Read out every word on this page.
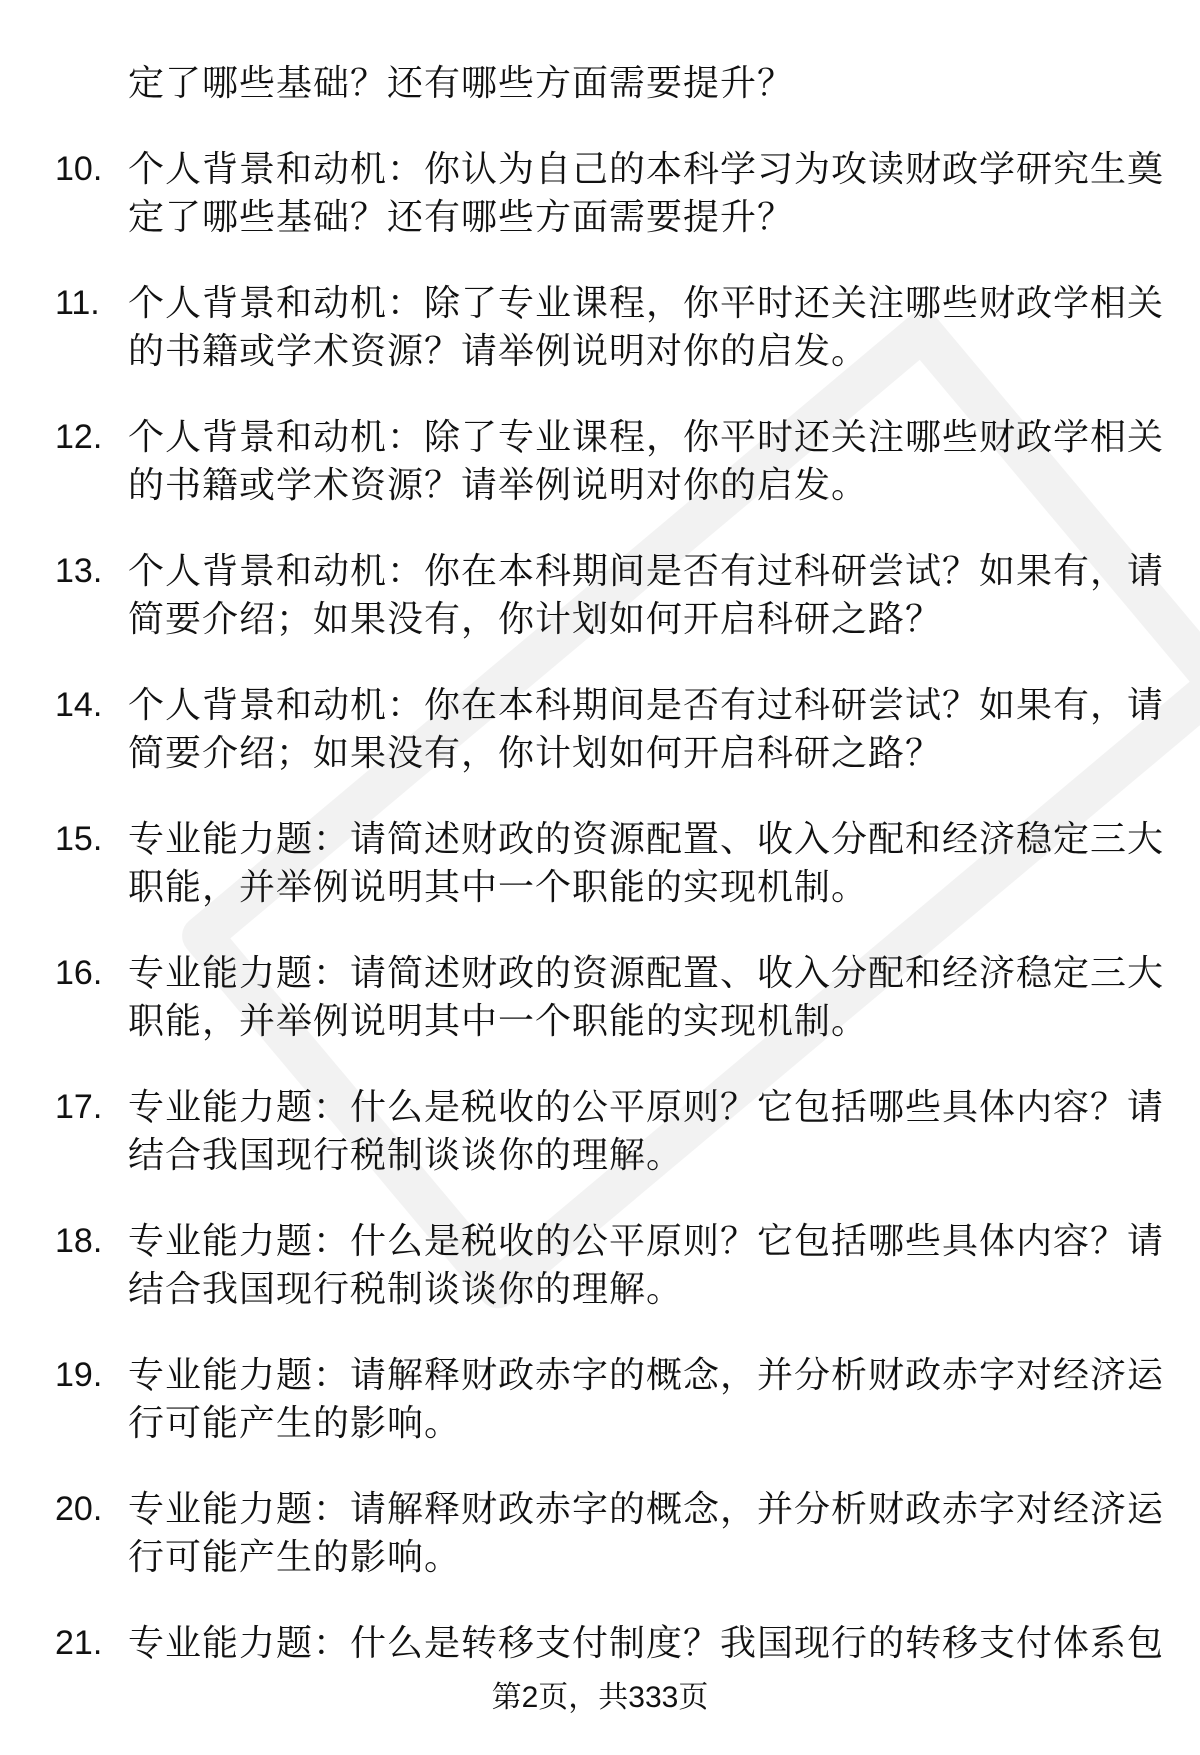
定了哪些基础？还有哪些方面需要提升？
10. 个人背景和动机：你认为自己的本科学习为攻读财政学研究生奠
定了哪些基础？还有哪些方面需要提升？
11. 个人背景和动机：除了专业课程，你平时还关注哪些财政学相关
的书籍或学术资源？请举例说明对你的启发。
12. 个人背景和动机：除了专业课程，你平时还关注哪些财政学相关
的书籍或学术资源？请举例说明对你的启发。
13. 个人背景和动机：你在本科期间是否有过科研尝试？如果有，请
简要介绍；如果没有，你计划如何开启科研之路？
14. 个人背景和动机：你在本科期间是否有过科研尝试？如果有，请
简要介绍；如果没有，你计划如何开启科研之路？
15. 专业能力题：请简述财政的资源配置、收入分配和经济稳定三大
职能，并举例说明其中一个职能的实现机制。
16. 专业能力题：请简述财政的资源配置、收入分配和经济稳定三大
职能，并举例说明其中一个职能的实现机制。
17. 专业能力题：什么是税收的公平原则？它包括哪些具体内容？请
结合我国现行税制谈谈你的理解。
18. 专业能力题：什么是税收的公平原则？它包括哪些具体内容？请
结合我国现行税制谈谈你的理解。
19. 专业能力题：请解释财政赤字的概念，并分析财政赤字对经济运
行可能产生的影响。
20. 专业能力题：请解释财政赤字的概念，并分析财政赤字对经济运
行可能产生的影响。
21. 专业能力题：什么是转移支付制度？我国现行的转移支付体系包
第2页，共333页
